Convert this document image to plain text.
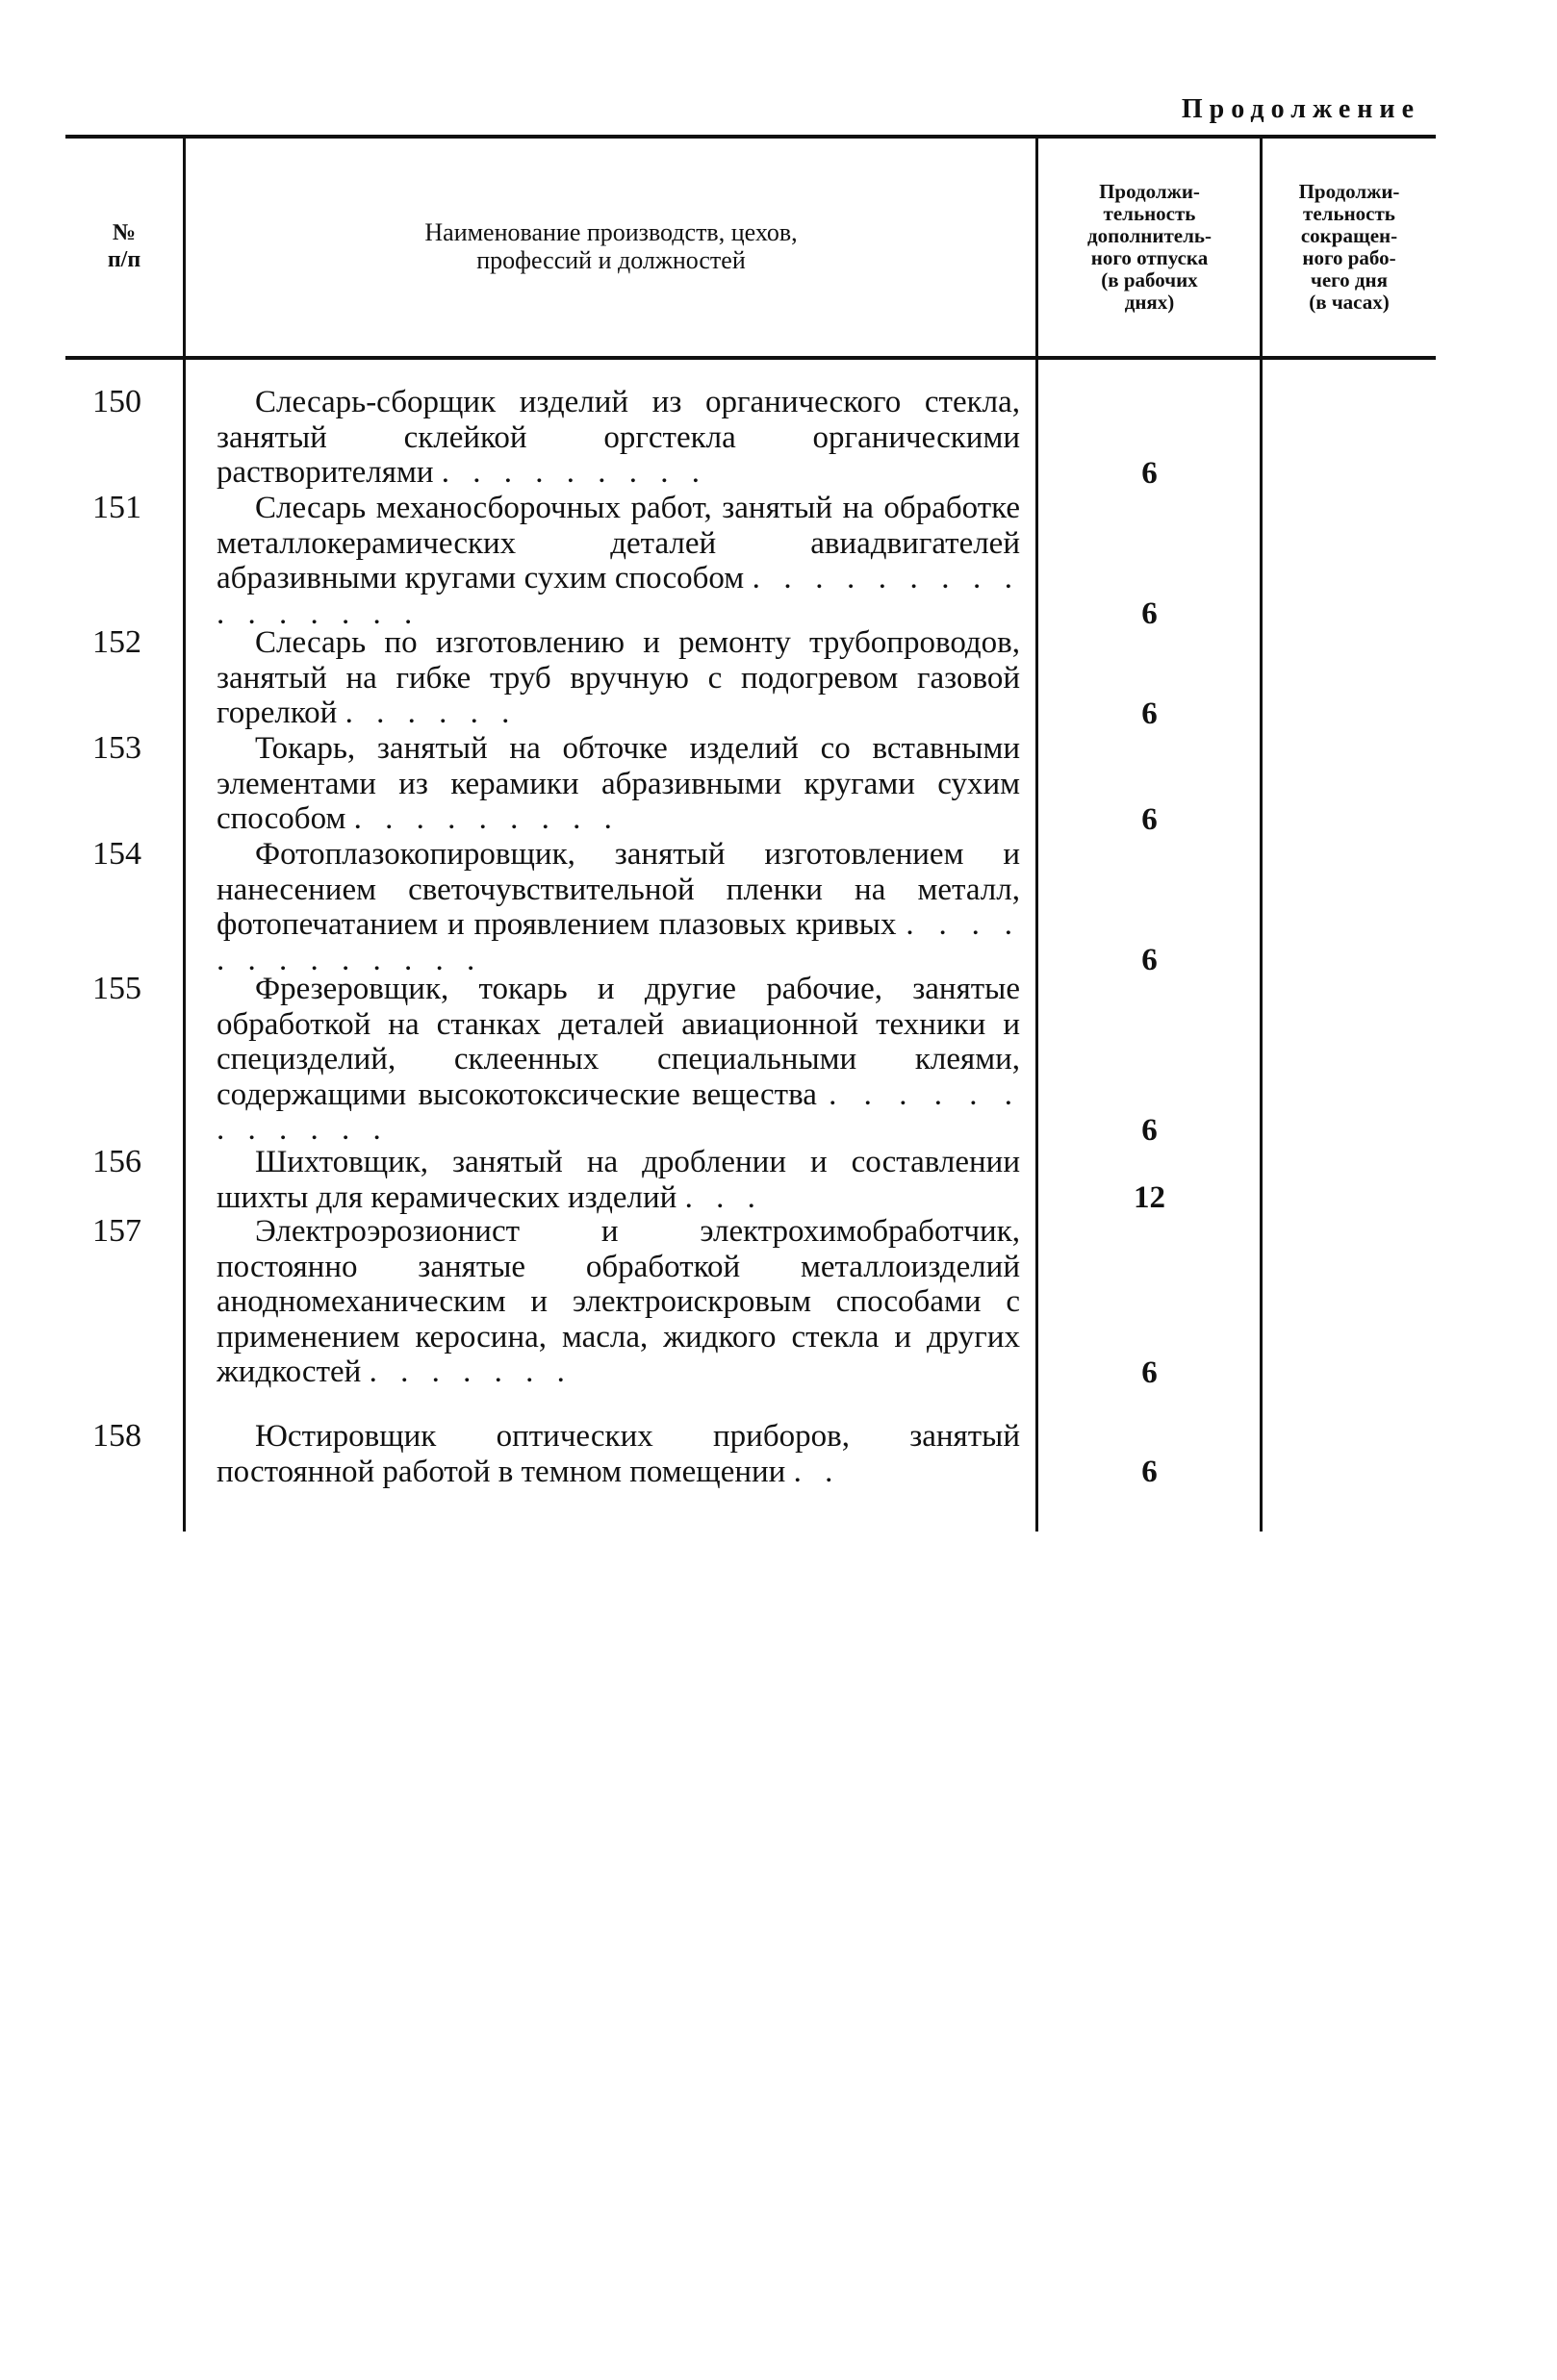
Продолжение
№
п/п
Наименование производств, цехов,
профессий и должностей
Продолжи-
тельность
дополнитель-
ного отпуска
(в рабочих
днях)
Продолжи-
тельность
сокращен-
ного рабо-
чего дня
(в часах)
150	Слесарь-сборщик изделий из органического стекла, занятый склейкой оргстекла органическими растворителями . . . . . . . . .	6
151	Слесарь механосборочных работ, занятый на обработке металлокерамических деталей авиадвигателей абразивными кругами сухим способом . . . . . . . . . . . . . . . .	6
152	Слесарь по изготовлению и ремонту трубопроводов, занятый на гибке труб вручную с подогревом газовой горелкой . . . . . .	6
153	Токарь, занятый на обточке изделий со вставными элементами из керамики абразивными кругами сухим способом . . . . . . . . .	6
154	Фотоплазокопировщик, занятый изготовлением и нанесением светочувствительной пленки на металл, фотопечатанием и проявлением плазовых кривых . . . . . . . . . . . . .	6
155	Фрезеровщик, токарь и другие рабочие, занятые обработкой на станках деталей авиационной техники и специзделий, склеенных специальными клеями, содержащими высокотоксические вещества . . . . . . . . . . . .	6
156	Шихтовщик, занятый на дроблении и составлении шихты для керамических изделий . . .	12
157	Электроэрозионист и электрохимобработчик, постоянно занятые обработкой металлоизделий анодномеханическим и электроискровым способами с применением керосина, масла, жидкого стекла и других жидкостей . . . . . . .	6
158	Юстировщик оптических приборов, занятый постоянной работой в темном помещении . .	6
